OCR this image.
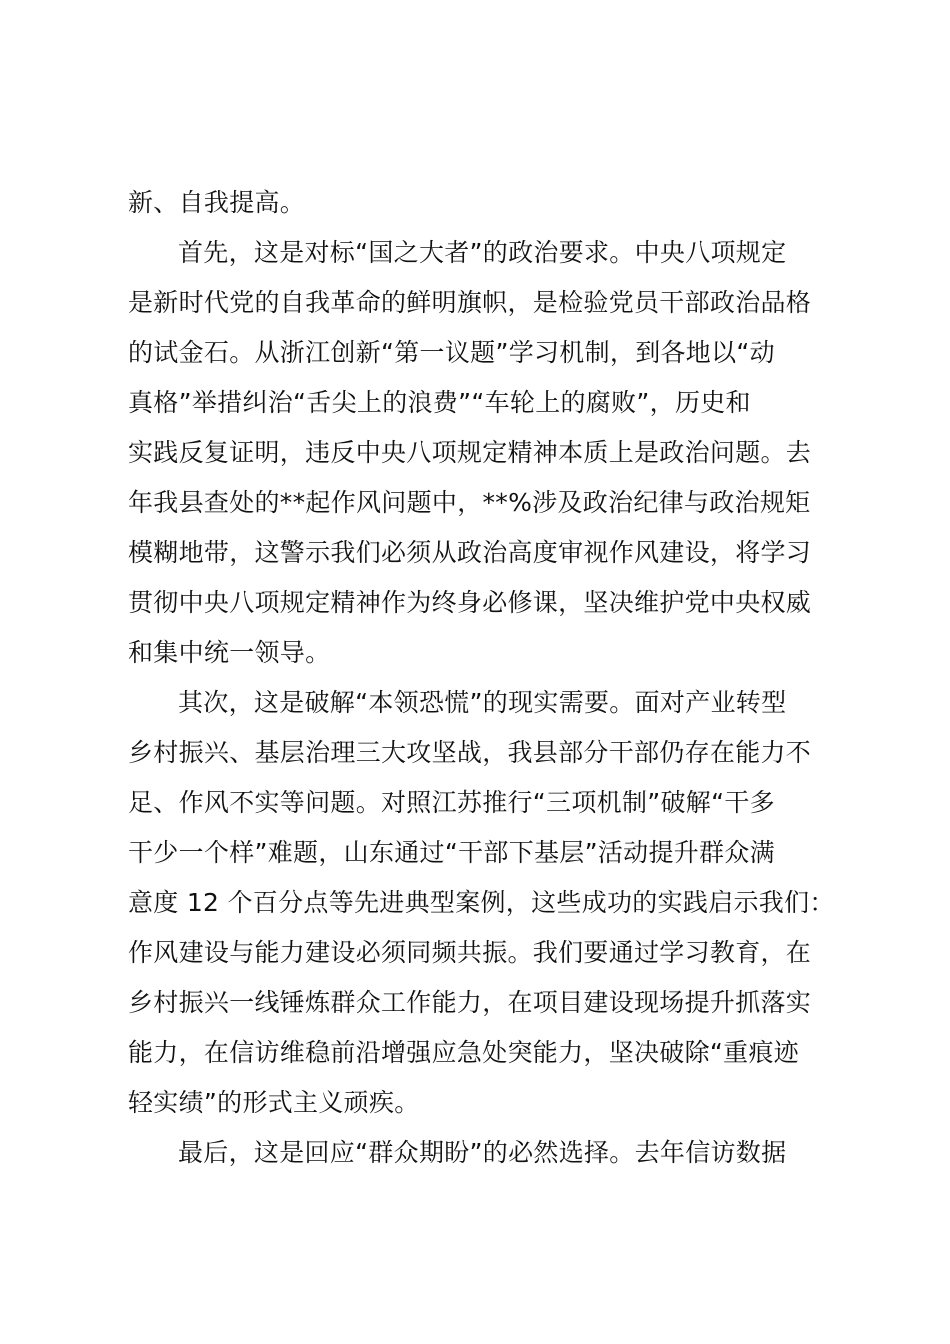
新、自我提高。
首先，这是对标“国之大者”的政治要求。中央八项规定
是新时代党的自我革命的鲜明旗帜，是检验党员干部政治品格
的试金石。从浙江创新“第一议题”学习机制，到各地以“动
真格”举措纠治“舌尖上的浪费”“车轮上的腐败”，历史和
实践反复证明，违反中央八项规定精神本质上是政治问题。去
年我县查处的**起作风问题中，**%涉及政治纪律与政治规矩
模糊地带，这警示我们必须从政治高度审视作风建设，将学习
贯彻中央八项规定精神作为终身必修课，坚决维护党中央权威
和集中统一领导。
其次，这是破解“本领恐慌”的现实需要。面对产业转型
乡村振兴、基层治理三大攻坚战，我县部分干部仍存在能力不
足、作风不实等问题。对照江苏推行“三项机制”破解“干多
干少一个样”难题，山东通过“干部下基层”活动提升群众满
意度 12 个百分点等先进典型案例，这些成功的实践启示我们：
作风建设与能力建设必须同频共振。我们要通过学习教育，在
乡村振兴一线锤炼群众工作能力，在项目建设现场提升抓落实
能力，在信访维稳前沿增强应急处突能力，坚决破除“重痕迹
轻实绩”的形式主义顽疾。
最后，这是回应“群众期盼”的必然选择。去年信访数据
